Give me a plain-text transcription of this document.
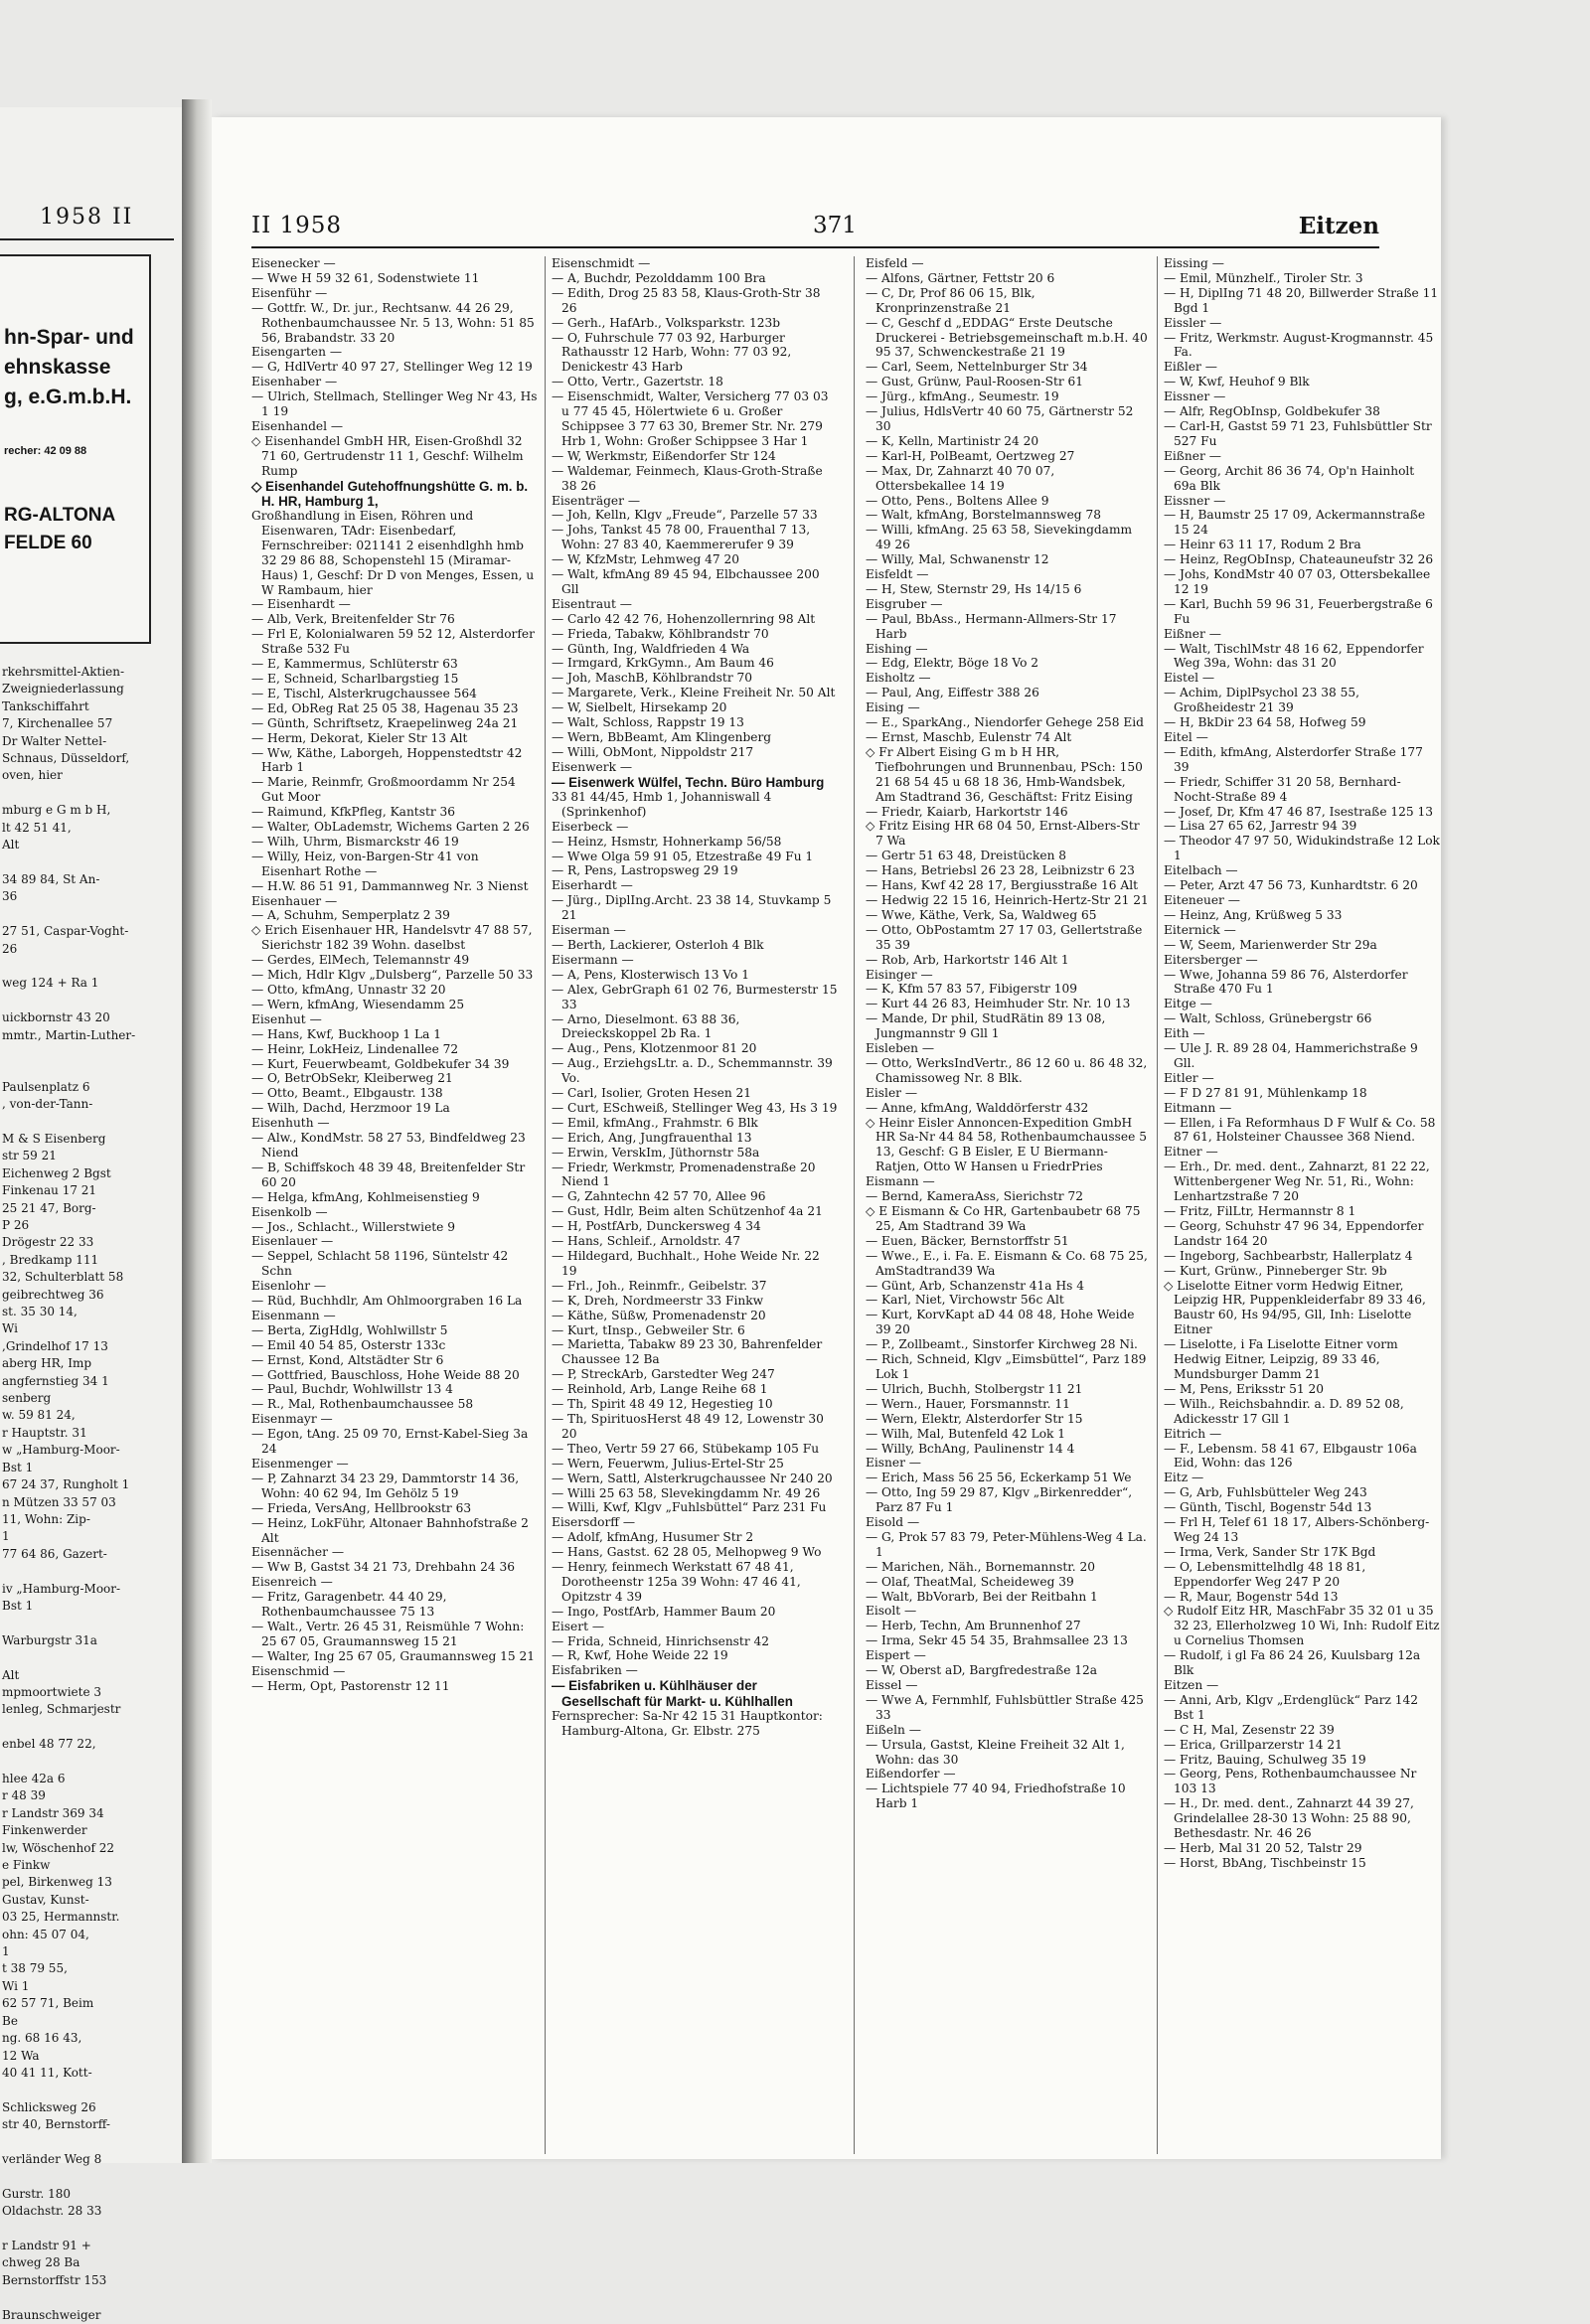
1958 II
hn-Spar- und
ehnskasse
g, e.G.m.b.H.
recher: 42 09 88
RG-ALTONA
FELDE 60
rkehrsmittel-Aktien-
Zweigniederlassung
Tankschiffahrt
7, Kirchenallee 57
Dr Walter Nettel-
Schnaus, Düsseldorf,
oven, hier

mburg e G m b H,
lt 42 51 41,
Alt

34 89 84, St An-
36

27 51, Caspar-Voght-
26

weg 124 + Ra 1

uickbornstr 43 20
mmtr., Martin-Luther-

Paulsenplatz 6
, von-der-Tann-

M & S Eisenberg
str 59 21
Eichenweg 2 Bgst
Finkenau 17 21
25 21 47, Borg-
P 26
Drögestr 22 33
, Bredkamp 111
32, Schulterblatt 58
geibrechtweg 36
st. 35 30 14,
Wi
,Grindelhof 17 13
aberg HR, Imp
angfernstieg 34 1
senberg
w. 59 81 24,
r Hauptstr. 31
w „Hamburg-Moor-
Bst 1
67 24 37, Rungholt 1
n Mützen 33 57 03
11, Wohn: Zip-
1
77 64 86, Gazert-

iv „Hamburg-Moor-
Bst 1

Warburgstr 31a

Alt
mpmoortwiete 3
lenleg, Schmarjestr

enbel 48 77 22,

hlee 42a 6
r 48 39
r Landstr 369 34
Finkenwerder
lw, Wöschenhof 22
e Finkw
pel, Birkenweg 13
Gustav, Kunst-
03 25, Hermannstr.
ohn: 45 07 04,
1
t 38 79 55,
Wi 1
62 57 71, Beim
Be
ng. 68 16 43,
12 Wa
40 41 11, Kott-

Schlicksweg 26
str 40, Bernstorff-

verländer Weg 8

Gurstr. 180
Oldachstr. 28 33

r Landstr 91 +
chweg 28 Ba
Bernstorffstr 153

Braunschweiger
II 1958	371	Eitzen

Eisenecker —

— Wwe H 59 32 61, Sodenstwiete 11

Eisenführ —

— Gottfr. W., Dr. jur., Rechtsanw. 44 26 29, Rothenbaumchaussee Nr. 5 13, Wohn: 51 85 56, Brabandstr. 33 20

Eisengarten —

— G, HdlVertr 40 97 27, Stellinger Weg 12 19

Eisenhaber —

— Ulrich, Stellmach, Stellinger Weg Nr 43, Hs 1 19

Eisenhandel —

◇ Eisenhandel GmbH HR, Eisen-Großhdl 32 71 60, Gertrudenstr 11 1, Geschf: Wilhelm Rump

◇ Eisenhandel Gutehoffnungshütte G. m. b. H. HR, Hamburg 1,

Großhandlung in Eisen, Röhren und Eisenwaren, TAdr: Eisenbedarf, Fernschreiber: 021141 2 eisenhdlghh hmb 32 29 86 88, Schopenstehl 15 (Miramar-Haus) 1, Geschf: Dr D von Menges, Essen, u W Rambaum, hier

— Eisenhardt —

— Alb, Verk, Breitenfelder Str 76

— Frl E, Kolonialwaren 59 52 12, Alsterdorfer Straße 532 Fu

— E, Kammermus, Schlüterstr 63

— E, Schneid, Scharlbargstieg 15

— E, Tischl, Alsterkrugchaussee 564

— Ed, ObReg Rat 25 05 38, Hagenau 35 23

— Günth, Schriftsetz, Kraepelinweg 24a 21

— Herm, Dekorat, Kieler Str 13 Alt

— Ww, Käthe, Laborgeh, Hoppenstedtstr 42 Harb 1

— Marie, Reinmfr, Großmoordamm Nr 254 Gut Moor

— Raimund, KfkPfleg, Kantstr 36

— Walter, ObLademstr, Wichems Garten 2 26

— Wilh, Uhrm, Bismarckstr 46 19

— Willy, Heiz, von-Bargen-Str 41 von Eisenhart Rothe —

— H.W. 86 51 91, Dammannweg Nr. 3 Nienst

Eisenhauer —

— A, Schuhm, Semperplatz 2 39

◇ Erich Eisenhauer HR, Handelsvtr 47 88 57, Sierichstr 182 39 Wohn. daselbst

— Gerdes, ElMech, Telemannstr 49

— Mich, Hdlr Klgv „Dulsberg“, Parzelle 50 33

— Otto, kfmAng, Unnastr 32 20

— Wern, kfmAng, Wiesendamm 25

Eisenhut —

— Hans, Kwf, Buckhoop 1 La 1

— Heinr, LokHeiz, Lindenallee 72

— Kurt, Feuerwbeamt, Goldbekufer 34 39

— O, BetrObSekr, Kleiberweg 21

— Otto, Beamt., Elbgaustr. 138

— Wilh, Dachd, Herzmoor 19 La

Eisenhuth —

— Alw., KondMstr. 58 27 53, Bindfeldweg 23 Niend

— B, Schiffskoch 48 39 48, Breitenfelder Str 60 20

— Helga, kfmAng, Kohlmeisenstieg 9

Eisenkolb —

— Jos., Schlacht., Willerstwiete 9

Eisenlauer —

— Seppel, Schlacht 58 1196, Süntelstr 42 Schn

Eisenlohr —

— Rüd, Buchhdlr, Am Ohlmoorgraben 16 La

Eisenmann —

— Berta, ZigHdlg, Wohlwillstr 5

— Emil 40 54 85, Osterstr 133c

— Ernst, Kond, Altstädter Str 6

— Gottfried, Bauschloss, Hohe Weide 88 20

— Paul, Buchdr, Wohlwillstr 13 4

— R., Mal, Rothenbaumchaussee 58

Eisenmayr —

— Egon, tAng. 25 09 70, Ernst-Kabel-Sieg 3a 24

Eisenmenger —

— P, Zahnarzt 34 23 29, Dammtorstr 14 36, Wohn: 40 62 94, Im Gehölz 5 19

— Frieda, VersAng, Hellbrookstr 63

— Heinz, LokFühr, Altonaer Bahnhofstraße 2 Alt

Eisennächer —

— Ww B, Gastst 34 21 73, Drehbahn 24 36

Eisenreich —

— Fritz, Garagenbetr. 44 40 29, Rothenbaumchaussee 75 13

— Walt., Vertr. 26 45 31, Reismühle 7 Wohn: 25 67 05, Graumannsweg 15 21

— Walter, Ing 25 67 05, Graumannsweg 15 21

Eisenschmid —

— Herm, Opt, Pastorenstr 12 11

Eisenschmidt —

— A, Buchdr, Pezolddamm 100 Bra

— Edith, Drog 25 83 58, Klaus-Groth-Str 38 26

— Gerh., HafArb., Volksparkstr. 123b

— O, Fuhrschule 77 03 92, Harburger Rathausstr 12 Harb, Wohn: 77 03 92, Denickestr 43 Harb

— Otto, Vertr., Gazertstr. 18

— Eisenschmidt, Walter, Versicherg 77 03 03 u 77 45 45, Hölertwiete 6 u. Großer Schippsee 3 77 63 30, Bremer Str. Nr. 279 Hrb 1, Wohn: Großer Schippsee 3 Har 1

— W, Werkmstr, Eißendorfer Str 124

— Waldemar, Feinmech, Klaus-Groth-Straße 38 26

Eisenträger —

— Joh, Kelln, Klgv „Freude“, Parzelle 57 33

— Johs, Tankst 45 78 00, Frauenthal 7 13, Wohn: 27 83 40, Kaemmererufer 9 39

— W, KfzMstr, Lehmweg 47 20

— Walt, kfmAng 89 45 94, Elbchaussee 200 Gll

Eisentraut —

— Carlo 42 42 76, Hohenzollernring 98 Alt

— Frieda, Tabakw, Köhlbrandstr 70

— Günth, Ing, Waldfrieden 4 Wa

— Irmgard, KrkGymn., Am Baum 46

— Joh, MaschB, Köhlbrandstr 70

— Margarete, Verk., Kleine Freiheit Nr. 50 Alt

— W, Sielbelt, Hirsekamp 20

— Walt, Schloss, Rappstr 19 13

— Wern, BbBeamt, Am Klingenberg

— Willi, ObMont, Nippoldstr 217

Eisenwerk —

— Eisenwerk Wülfel, Techn. Büro Hamburg

33 81 44/45, Hmb 1, Johanniswall 4 (Sprinkenhof)

Eiserbeck —

— Heinz, Hsmstr, Hohnerkamp 56/58

— Wwe Olga 59 91 05, Etzestraße 49 Fu 1

— R, Pens, Lastropsweg 29 19

Eiserhardt —

— Jürg., DiplIng.Archt. 23 38 14, Stuvkamp 5 21

Eiserman —

— Berth, Lackierer, Osterloh 4 Blk

Eisermann —

— A, Pens, Klosterwisch 13 Vo 1

— Alex, GebrGraph 61 02 76, Burmesterstr 15 33

— Arno, Dieselmont. 63 88 36, Dreieckskoppel 2b Ra. 1

— Aug., Pens, Klotzenmoor 81 20

— Aug., ErziehgsLtr. a. D., Schemmannstr. 39 Vo.

— Carl, Isolier, Groten Hesen 21

— Curt, ESchweiß, Stellinger Weg 43, Hs 3 19

— Emil, kfmAng., Frahmstr. 6 Blk

— Erich, Ang, Jungfrauenthal 13

— Erwin, VerskIm, Jüthornstr 58a

— Friedr, Werkmstr, Promenadenstraße 20 Niend 1

— G, Zahntechn 42 57 70, Allee 96

— Gust, Hdlr, Beim alten Schützenhof 4a 21

— H, PostfArb, Dunckersweg 4 34

— Hans, Schleif., Arnoldstr. 47

— Hildegard, Buchhalt., Hohe Weide Nr. 22 19

— Frl., Joh., Reinmfr., Geibelstr. 37

— K, Dreh, Nordmeerstr 33 Finkw

— Käthe, Süßw, Promenadenstr 20

— Kurt, tInsp., Gebweiler Str. 6

— Marietta, Tabakw 89 23 30, Bahrenfelder Chaussee 12 Ba

— P, StreckArb, Garstedter Weg 247

— Reinhold, Arb, Lange Reihe 68 1

— Th, Spirit 48 49 12, Hegestieg 10

— Th, SpirituosHerst 48 49 12, Lowenstr 30 20

— Theo, Vertr 59 27 66, Stübekamp 105 Fu

— Wern, Feuerwm, Julius-Ertel-Str 25

— Wern, Sattl, Alsterkrugchaussee Nr 240 20

— Willi 25 63 58, Slevekingdamm Nr. 49 26

— Willi, Kwf, Klgv „Fuhlsbüttel“ Parz 231 Fu

Eisersdorff —

— Adolf, kfmAng, Husumer Str 2

— Hans, Gastst. 62 28 05, Melhopweg 9 Wo

— Henry, feinmech Werkstatt 67 48 41, Dorotheenstr 125a 39 Wohn: 47 46 41, Opitzstr 4 39

— Ingo, PostfArb, Hammer Baum 20

Eisert —

— Frida, Schneid, Hinrichsenstr 42

— R, Kwf, Hohe Weide 22 19

Eisfabriken —

— Eisfabriken u. Kühlhäuser der Gesellschaft für Markt- u. Kühlhallen

Fernsprecher: Sa-Nr 42 15 31 Hauptkontor: Hamburg-Altona, Gr. Elbstr. 275

Eisfeld —

— Alfons, Gärtner, Fettstr 20 6

— C, Dr, Prof 86 06 15, Blk, Kronprinzenstraße 21

— C, Geschf d „EDDAG“ Erste Deutsche Druckerei - Betriebsgemeinschaft m.b.H. 40 95 37, Schwenckestraße 21 19

— Carl, Seem, Nettelnburger Str 34

— Gust, Grünw, Paul-Roosen-Str 61

— Jürg., kfmAng., Seumestr. 19

— Julius, HdlsVertr 40 60 75, Gärtnerstr 52 30

— K, Kelln, Martinistr 24 20

— Karl-H, PolBeamt, Oertzweg 27

— Max, Dr, Zahnarzt 40 70 07, Ottersbekallee 14 19

— Otto, Pens., Boltens Allee 9

— Walt, kfmAng, Borstelmannsweg 78

— Willi, kfmAng. 25 63 58, Sievekingdamm 49 26

— Willy, Mal, Schwanenstr 12

Eisfeldt —

— H, Stew, Sternstr 29, Hs 14/15 6

Eisgruber —

— Paul, BbAss., Hermann-Allmers-Str 17 Harb

Eishing —

— Edg, Elektr, Böge 18 Vo 2

Eisholtz —

— Paul, Ang, Eiffestr 388 26

Eising —

— E., SparkAng., Niendorfer Gehege 258 Eid

— Ernst, Maschb, Eulenstr 74 Alt

◇ Fr Albert Eising G m b H HR, Tiefbohrungen und Brunnenbau, PSch: 150 21 68 54 45 u 68 18 36, Hmb-Wandsbek, Am Stadtrand 36, Geschäftst: Fritz Eising

— Friedr, Kaiarb, Harkortstr 146

◇ Fritz Eising HR 68 04 50, Ernst-Albers-Str 7 Wa

— Gertr 51 63 48, Dreistücken 8

— Hans, Betriebsl 26 23 28, Leibnizstr 6 23

— Hans, Kwf 42 28 17, Bergiusstraße 16 Alt

— Hedwig 22 15 16, Heinrich-Hertz-Str 21 21

— Wwe, Käthe, Verk, Sa, Waldweg 65

— Otto, ObPostamtm 27 17 03, Gellertstraße 35 39

— Rob, Arb, Harkortstr 146 Alt 1

Eisinger —

— K, Kfm 57 83 57, Fibigerstr 109

— Kurt 44 26 83, Heimhuder Str. Nr. 10 13

— Mande, Dr phil, StudRätin 89 13 08, Jungmannstr 9 Gll 1

Eisleben —

— Otto, WerksIndVertr., 86 12 60 u. 86 48 32, Chamissoweg Nr. 8 Blk.

Eisler —

— Anne, kfmAng, Walddörferstr 432

◇ Heinr Eisler Annoncen-Expedition GmbH HR Sa-Nr 44 84 58, Rothenbaumchaussee 5 13, Geschf: G B Eisler, E U Biermann-Ratjen, Otto W Hansen u FriedrPries

Eismann —

— Bernd, KameraAss, Sierichstr 72

◇ E Eismann & Co HR, Gartenbaubetr 68 75 25, Am Stadtrand 39 Wa

— Euen, Bäcker, Bernstorffstr 51

— Wwe., E., i. Fa. E. Eismann & Co. 68 75 25, AmStadtrand39 Wa

— Günt, Arb, Schanzenstr 41a Hs 4

— Karl, Niet, Virchowstr 56c Alt

— Kurt, KorvKapt aD 44 08 48, Hohe Weide 39 20

— P., Zollbeamt., Sinstorfer Kirchweg 28 Ni.

— Rich, Schneid, Klgv „Eimsbüttel“, Parz 189 Lok 1

— Ulrich, Buchh, Stolbergstr 11 21

— Wern., Hauer, Forsmannstr. 11

— Wern, Elektr, Alsterdorfer Str 15

— Wilh, Mal, Butenfeld 42 Lok 1

— Willy, BchAng, Paulinenstr 14 4

Eisner —

— Erich, Mass 56 25 56, Eckerkamp 51 We

— Otto, Ing 59 29 87, Klgv „Birkenredder“, Parz 87 Fu 1

Eisold —

— G, Prok 57 83 79, Peter-Mühlens-Weg 4 La. 1

— Marichen, Näh., Bornemannstr. 20

— Olaf, TheatMal, Scheideweg 39

— Walt, BbVorarb, Bei der Reitbahn 1

Eisolt —

— Herb, Techn, Am Brunnenhof 27

— Irma, Sekr 45 54 35, Brahmsallee 23 13

Eispert —

— W, Oberst aD, Bargfredestraße 12a

Eissel —

— Wwe A, Fernmhlf, Fuhlsbüttler Straße 425 33

Eißeln —

— Ursula, Gastst, Kleine Freiheit 32 Alt 1, Wohn: das 30

Eißendorfer —

— Lichtspiele 77 40 94, Friedhofstraße 10 Harb 1

Eissing —

— Emil, Münzhelf., Tiroler Str. 3

— H, DiplIng 71 48 20, Billwerder Straße 11 Bgd 1

Eissler —

— Fritz, Werkmstr. August-Krogmannstr. 45 Fa.

Eißler —

— W, Kwf, Heuhof 9 Blk

Eissner —

— Alfr, RegObInsp, Goldbekufer 38

— Carl-H, Gastst 59 71 23, Fuhlsbüttler Str 527 Fu

Eißner —

— Georg, Archit 86 36 74, Op'n Hainholt 69a Blk

Eissner —

— H, Baumstr 25 17 09, Ackermannstraße 15 24

— Heinr 63 11 17, Rodum 2 Bra

— Heinz, RegObInsp, Chateauneufstr 32 26

— Johs, KondMstr 40 07 03, Ottersbekallee 12 19

— Karl, Buchh 59 96 31, Feuerbergstraße 6 Fu

Eißner —

— Walt, TischlMstr 48 16 62, Eppendorfer Weg 39a, Wohn: das 31 20

Eistel —

— Achim, DiplPsychol 23 38 55, Großheidestr 21 39

— H, BkDir 23 64 58, Hofweg 59

Eitel —

— Edith, kfmAng, Alsterdorfer Straße 177 39

— Friedr, Schiffer 31 20 58, Bernhard-Nocht-Straße 89 4

— Josef, Dr, Kfm 47 46 87, Isestraße 125 13

— Lisa 27 65 62, Jarrestr 94 39

— Theodor 47 97 50, Widukindstraße 12 Lok 1

Eitelbach —

— Peter, Arzt 47 56 73, Kunhardtstr. 6 20

Eiteneuer —

— Heinz, Ang, Krüßweg 5 33

Eiternick —

— W, Seem, Marienwerder Str 29a

Eitersberger —

— Wwe, Johanna 59 86 76, Alsterdorfer Straße 470 Fu 1

Eitge —

— Walt, Schloss, Grünebergstr 66

Eith —

— Ule J. R. 89 28 04, Hammerichstraße 9 Gll.

Eitler —

— F D 27 81 91, Mühlenkamp 18

Eitmann —

— Ellen, i Fa Reformhaus D F Wulf & Co. 58 87 61, Holsteiner Chaussee 368 Niend.

Eitner —

— Erh., Dr. med. dent., Zahnarzt, 81 22 22, Wittenbergener Weg Nr. 51, Ri., Wohn: Lenhartzstraße 7 20

— Fritz, FilLtr, Hermannstr 8 1

— Georg, Schuhstr 47 96 34, Eppendorfer Landstr 164 20

— Ingeborg, Sachbearbstr, Hallerplatz 4

— Kurt, Grünw., Pinneberger Str. 9b

◇ Liselotte Eitner vorm Hedwig Eitner, Leipzig HR, Puppenkleiderfabr 89 33 46, Baustr 60, Hs 94/95, Gll, Inh: Liselotte Eitner

— Liselotte, i Fa Liselotte Eitner vorm Hedwig Eitner, Leipzig, 89 33 46, Mundsburger Damm 21

— M, Pens, Eriksstr 51 20

— Wilh., Reichsbahndir. a. D. 89 52 08, Adickesstr 17 Gll 1

Eitrich —

— F., Lebensm. 58 41 67, Elbgaustr 106a Eid, Wohn: das 126

Eitz —

— G, Arb, Fuhlsbütteler Weg 243

— Günth, Tischl, Bogenstr 54d 13

— Frl H, Telef 61 18 17, Albers-Schönberg-Weg 24 13

— Irma, Verk, Sander Str 17K Bgd

— O, Lebensmittelhdlg 48 18 81, Eppendorfer Weg 247 P 20

— R, Maur, Bogenstr 54d 13

◇ Rudolf Eitz HR, MaschFabr 35 32 01 u 35 32 23, Ellerholzweg 10 Wi, Inh: Rudolf Eitz u Cornelius Thomsen

— Rudolf, i gl Fa 86 24 26, Kuulsbarg 12a Blk

Eitzen —

— Anni, Arb, Klgv „Erdenglück“ Parz 142 Bst 1

— C H, Mal, Zesenstr 22 39

— Erica, Grillparzerstr 14 21

— Fritz, Bauing, Schulweg 35 19

— Georg, Pens, Rothenbaumchaussee Nr 103 13

— H., Dr. med. dent., Zahnarzt 44 39 27, Grindelallee 28-30 13 Wohn: 25 88 90, Bethesdastr. Nr. 46 26

— Herb, Mal 31 20 52, Talstr 29

— Horst, BbAng, Tischbeinstr 15
